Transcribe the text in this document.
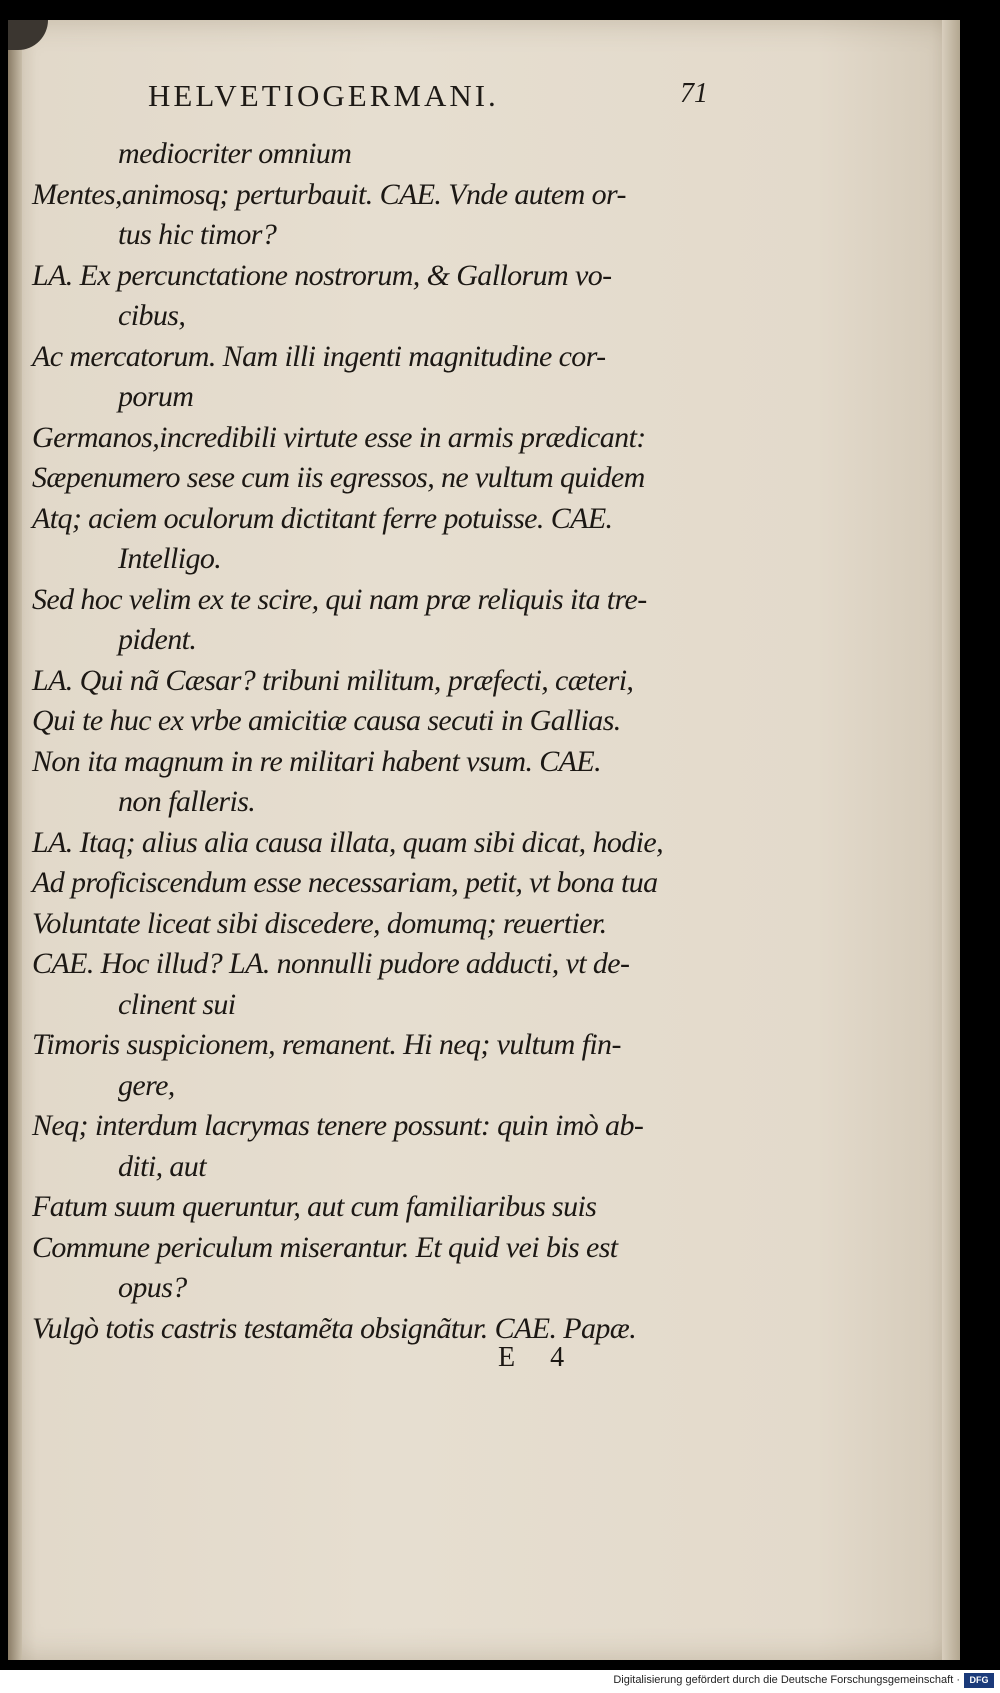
HELVETIOGERMANI.	71
mediocriter omnium
Mentes,animosq; perturbauit. CAE. Vnde autem or-
tus hic timor?
LA. Ex percunctatione nostrorum, & Gallorum vo-
cibus,
Ac mercatorum. Nam illi ingenti magnitudine cor-
porum
Germanos,incredibili virtute esse in armis prædicant:
Sæpenumero sese cum iis egressos, ne vultum quidem
Atq; aciem oculorum dictitant ferre potuisse. CAE.
Intelligo.
Sed hoc velim ex te scire, qui nam præ reliquis ita tre-
pident.
LA. Qui nã Cæsar? tribuni militum, præfecti, cæteri,
Qui te huc ex vrbe amicitiæ causa secuti in Gallias.
Non ita magnum in re militari habent vsum. CAE.
non falleris.
LA. Itaq; alius alia causa illata, quam sibi dicat, hodie,
Ad proficiscendum esse necessariam, petit, vt bona tua
Voluntate liceat sibi discedere, domumq; reuertier.
CAE. Hoc illud? LA. nonnulli pudore adducti, vt de-
clinent sui
Timoris suspicionem, remanent. Hi neq; vultum fin-
gere,
Neq; interdum lacrymas tenere possunt: quin imò ab-
diti, aut
Fatum suum queruntur, aut cum familiaribus suis
Commune periculum miserantur. Et quid vei bis est
opus?
Vulgò totis castris testamẽta obsignãtur. CAE. Papæ.
E 4
Digitalisierung gefördert durch die Deutsche Forschungsgemeinschaft ·	DFG
